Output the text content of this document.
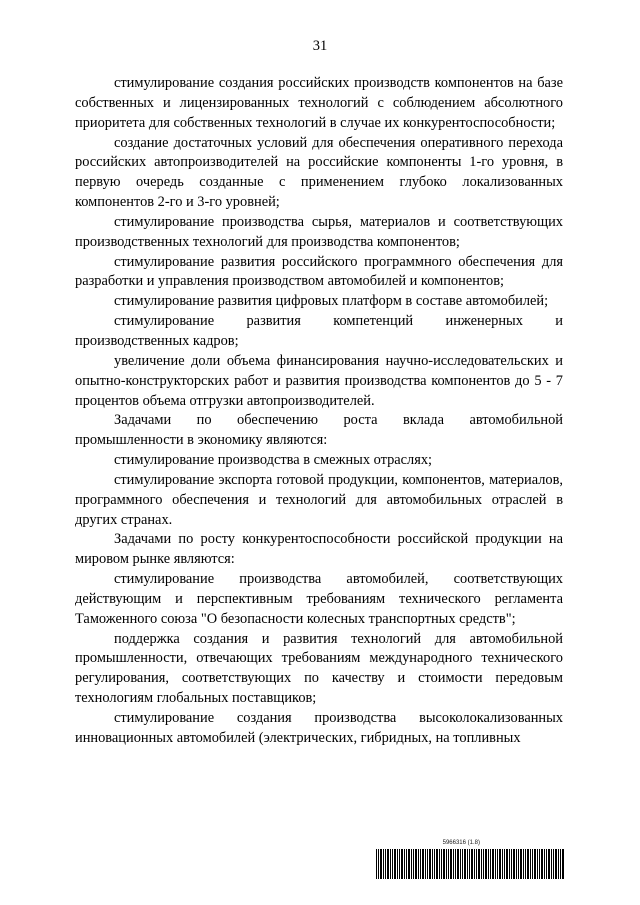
31

стимулирование создания российских производств компонентов на базе собственных и лицензированных технологий с соблюдением абсолютного приоритета для собственных технологий в случае их конкурентоспособности;

создание достаточных условий для обеспечения оперативного перехода российских автопроизводителей на российские компоненты 1-го уровня, в первую очередь созданные с применением глубоко локализованных компонентов 2-го и 3-го уровней;

стимулирование производства сырья, материалов и соответствующих производственных технологий для производства компонентов;

стимулирование развития российского программного обеспечения для разработки и управления производством автомобилей и компонентов;

стимулирование развития цифровых платформ в составе автомобилей;

стимулирование развития компетенций инженерных и производственных кадров;

увеличение доли объема финансирования научно-исследовательских и опытно-конструкторских работ и развития производства компонентов до 5 - 7 процентов объема отгрузки автопроизводителей.

Задачами по обеспечению роста вклада автомобильной промышленности в экономику являются:

стимулирование производства в смежных отраслях;

стимулирование экспорта готовой продукции, компонентов, материалов, программного обеспечения и технологий для автомобильных отраслей в других странах.

Задачами по росту конкурентоспособности российской продукции на мировом рынке являются:

стимулирование производства автомобилей, соответствующих действующим и перспективным требованиям технического регламента Таможенного союза "О безопасности колесных транспортных средств";

поддержка создания и развития технологий для автомобильной промышленности, отвечающих требованиям международного технического регулирования, соответствующих по качеству и стоимости передовым технологиям глобальных поставщиков;

стимулирование создания производства высоколокализованных инновационных автомобилей (электрических, гибридных, на топливных

5966316 (1.8)
